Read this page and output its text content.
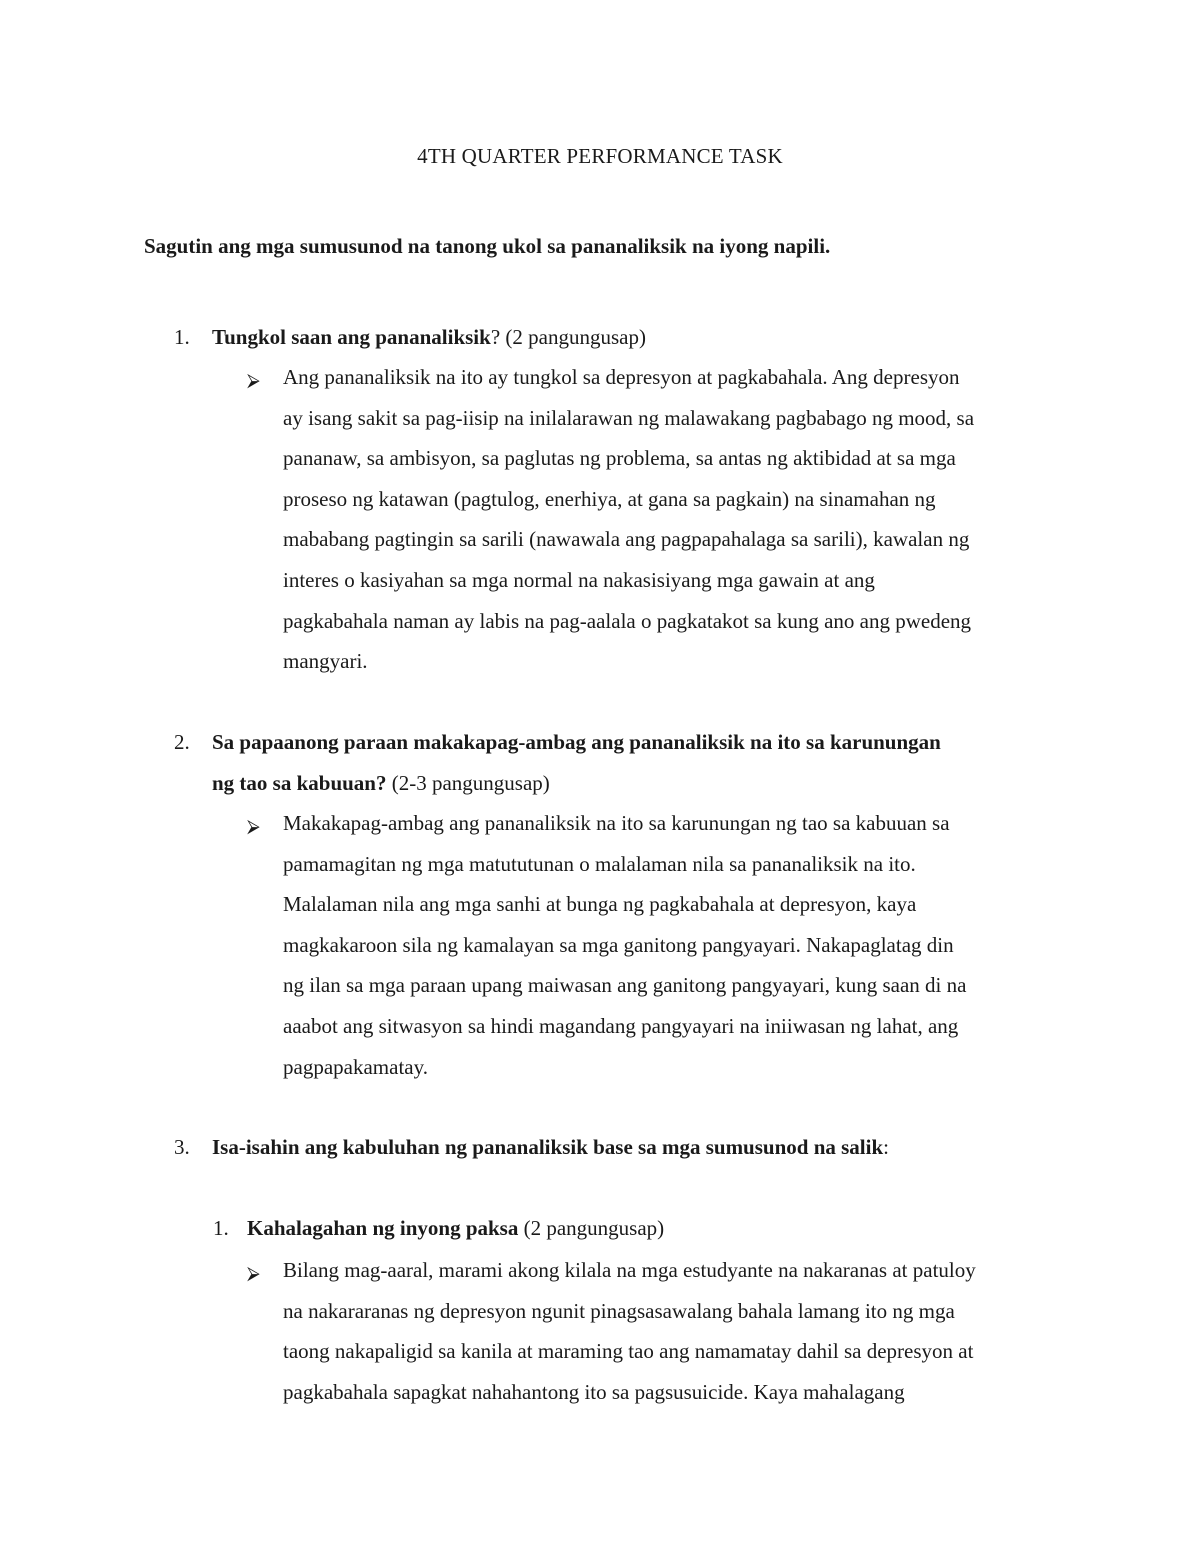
4TH QUARTER PERFORMANCE TASK
Sagutin ang mga sumusunod na tanong ukol sa pananaliksik na iyong napili.
1. Tungkol saan ang pananaliksik? (2 pangungusap)
⮚ Ang pananaliksik na ito ay tungkol sa depresyon at pagkabahala. Ang depresyon
ay isang sakit sa pag-iisip na inilalarawan ng malawakang pagbabago ng mood, sa
pananaw, sa ambisyon, sa paglutas ng problema, sa antas ng aktibidad at sa mga
proseso ng katawan (pagtulog, enerhiya, at gana sa pagkain) na sinamahan ng
mababang pagtingin sa sarili (nawawala ang pagpapahalaga sa sarili), kawalan ng
interes o kasiyahan sa mga normal na nakasisiyang mga gawain at ang
pagkabahala naman ay labis na pag-aalala o pagkatakot sa kung ano ang pwedeng
mangyari.
2. Sa papaanong paraan makakapag-ambag ang pananaliksik na ito sa karunungan
ng tao sa kabuuan? (2-3 pangungusap)
⮚ Makakapag-ambag ang pananaliksik na ito sa karunungan ng tao sa kabuuan sa
pamamagitan ng mga matututunan o malalaman nila sa pananaliksik na ito.
Malalaman nila ang mga sanhi at bunga ng pagkabahala at depresyon, kaya
magkakaroon sila ng kamalayan sa mga ganitong pangyayari. Nakapaglatag din
ng ilan sa mga paraan upang maiwasan ang ganitong pangyayari, kung saan di na
aaabot ang sitwasyon sa hindi magandang pangyayari na iniiwasan ng lahat, ang
pagpapakamatay.
3. Isa-isahin ang kabuluhan ng pananaliksik base sa mga sumusunod na salik:
1. Kahalagahan ng inyong paksa (2 pangungusap)
⮚ Bilang mag-aaral, marami akong kilala na mga estudyante na nakaranas at patuloy
na nakararanas ng depresyon ngunit pinagsasawalang bahala lamang ito ng mga
taong nakapaligid sa kanila at maraming tao ang namamatay dahil sa depresyon at
pagkabahala sapagkat nahahantong ito sa pagsusuicide. Kaya mahalagang
